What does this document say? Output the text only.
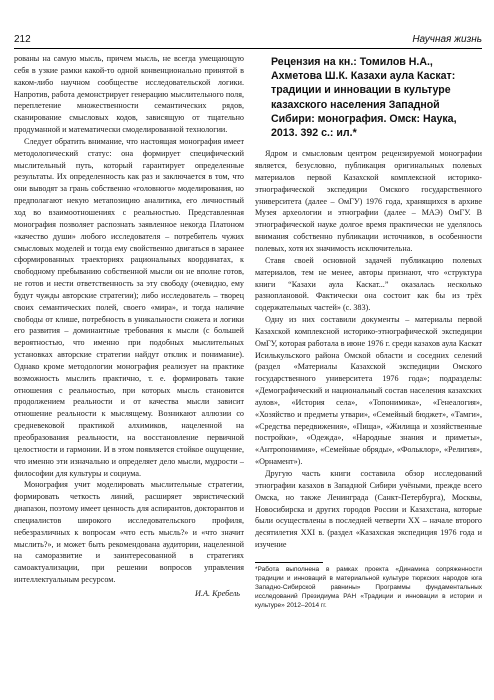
212	Научная жизнь

рованы на самую мысль, причем мысль, не всегда умещающую себя в узкие рамки какой-то одной конвенционально принятой в каком-либо научном сообществе исследовательской логики. Напротив, работа демонстрирует генерацию мыслительного поля, переплетение множественности семантических рядов, сканирование смысловых кодов, зависящую от тщательно продуманной и математически смоделированной технологии.

Следует обратить внимание, что настоящая монография имеет методологический статус: она формирует специфический мыслительный путь, который гарантирует определенные результаты. Их определенность как раз и заключается в том, что они выводят за грань собственно «головного» моделирования, но предполагают некую метапозицию аналитика, его личностный ход во взаимоотношениях с реальностью. Представленная монография позволяет распознать заявленное некогда Платоном «качество души» любого исследователя – потребитель чужих смысловых моделей и тогда ему свойственно двигаться в заранее сформированных траекториях рациональных координатах, к свободному пребыванию собственной мысли он не вполне готов, не готов и нести ответственность за эту свободу (очевидно, ему будут чужды авторские стратегии); либо исследователь – творец своих семантических полей, своего «мира», и тогда наличие свободы от клише, потребность в уникальности сюжета и логики его развития – доминантные требования к мысли (с большей вероятностью, что именно при подобных мыслительных установках авторские стратегии найдут отклик и понимание). Однако кроме методологии монография реализует на практике возможность мыслить практично, т. е. формировать такие отношения с реальностью, при которых мысль становится продолжением реальности и от качества мысли зависит отношение реальности к мыслящему. Возникают аллюзии со средневековой практикой алхимиков, нацеленной на преобразования реальности, на восстановление первичной целостности и гармонии. И в этом появляется стойкое ощущение, что именно эти изначально и определяет дело мысли, мудрости – философии для культуры и социума.

Монография учит моделировать мыслительные стратегии, формировать четкость линий, расширяет эвристический диапазон, поэтому имеет ценность для аспирантов, докторантов и специалистов широкого исследовательского профиля, небезразличных к вопросам «что есть мысль?» и «что значит мыслить?», и может быть рекомендована аудитории, нацеленной на саморазвитие и заинтересованной в стратегиях самоактуализации, при решении вопросов управления интеллектуальным ресурсом.

И.А. Кребель
Рецензия на кн.: Томилов Н.А., Ахметова Ш.К. Казахи аула Каскат: традиции и инновации в культуре казахского населения Западной Сибири: монография. Омск: Наука, 2013. 392 с.: ил.*

Ядром и смысловым центром рецензируемой монографии является, безусловно, публикация оригинальных полевых материалов первой Казахской комплексной историко-этнографической экспедиции Омского государственного университета (далее – ОмГУ) 1976 года, хранящихся в архиве Музея археологии и этнографии (далее – МАЭ) ОмГУ. В этнографической науке долгое время практически не уделялось внимания собственно публикации источников, в особенности полевых, хотя их значимость исключительна.

Ставя своей основной задачей публикацию полевых материалов, тем не менее, авторы признают, что «структура книги “Казахи аула Каскат...” оказалась несколько разноплановой. Фактически она состоит как бы из трёх содержательных частей» (с. 383).

Одну из них составили документы – материалы первой Казахской комплексной историко-этнографической экспедиции ОмГУ, которая работала в июне 1976 г. среди казахов аула Каскат Исилькульского района Омской области и соседних селений (раздел «Материалы Казахской экспедиции Омского государственного университета 1976 года»; подразделы: «Демографический и национальный состав населения казахских аулов», «История села», «Топонимика», «Генеалогия», «Хозяйство и предметы утвари», «Семейный бюджет», «Тамги», «Средства передвижения», «Пища», «Жилища и хозяйственные постройки», «Одежда», «Народные знания и приметы», «Антропонимия», «Семейные обряды», «Фольклор», «Религия», «Орнамент»).

Другую часть книги составила обзор исследований этнографии казахов в Западной Сибири учёными, прежде всего Омска, но также Ленинграда (Санкт-Петербурга), Москвы, Новосибирска и других городов России и Казахстана, которые были осуществлены в последней четверти XX – начале второго десятилетия XXI в. (раздел «Казахская экспедиция 1976 года и изучение

*Работа выполнена в рамках проекта «Динамика сопряженности традиции и инноваций в материальной культуре тюркских народов юга Западно-Сибирской равнины» Программы фундаментальных исследований Президиума РАН «Традиции и инновации в истории и культуре» 2012–2014 гг.
